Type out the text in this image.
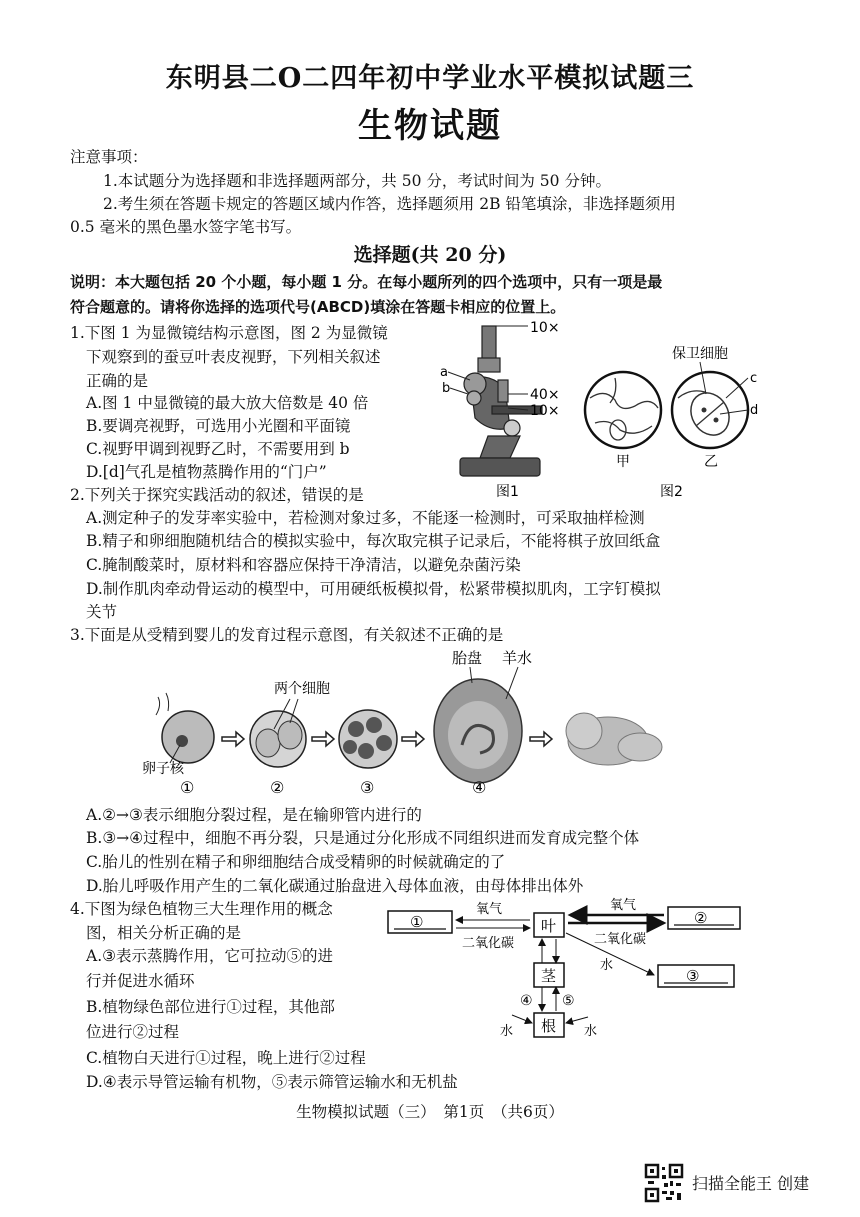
东明县二O二四年初中学业水平模拟试题三
生物试题
注意事项：
1.本试题分为选择题和非选择题两部分，共 50 分，考试时间为 50 分钟。
2.考生须在答题卡规定的答题区域内作答，选择题须用 2B 铅笔填涂，非选择题须用
0.5 毫米的黑色墨水签字笔书写。
选择题(共 20 分)
说明：本大题包括 20 个小题，每小题 1 分。在每小题所列的四个选项中，只有一项是最
符合题意的。请将你选择的选项代号(ABCD)填涂在答题卡相应的位置上。
1.下图 1 为显微镜结构示意图，图 2 为显微镜
下观察到的蚕豆叶表皮视野，下列相关叙述
正确的是
A.图 1 中显微镜的最大放大倍数是 40 倍
B.要调亮视野，可选用小光圈和平面镜
C.视野甲调到视野乙时，不需要用到 b
D.[d]气孔是植物蒸腾作用的“门户”
10×
a
b	40×
10×
图1
甲
保卫细胞
c
d
乙
图2
2.下列关于探究实践活动的叙述，错误的是
A.测定种子的发芽率实验中，若检测对象过多，不能逐一检测时，可采取抽样检测
B.精子和卵细胞随机结合的模拟实验中，每次取完棋子记录后，不能将棋子放回纸盒
C.腌制酸菜时，原材料和容器应保持干净清洁，以避免杂菌污染
D.制作肌肉牵动骨运动的模型中，可用硬纸板模拟骨，松紧带模拟肌肉，工字钉模拟
关节
3.下面是从受精到婴儿的发育过程示意图，有关叙述不正确的是
胎盘 羊水
两个细胞
卵子核
①	②	③	④
A.②→③表示细胞分裂过程，是在输卵管内进行的
B.③→④过程中，细胞不再分裂，只是通过分化形成不同组织进而发育成完整个体
C.胎儿的性别在精子和卵细胞结合成受精卵的时候就确定的了
D.胎儿呼吸作用产生的二氧化碳通过胎盘进入母体血液，由母体排出体外
4.下图为绿色植物三大生理作用的概念
图，相关分析正确的是
A.③表示蒸腾作用，它可拉动⑤的进
行并促进水循环
B.植物绿色部位进行①过程，其他部
位进行②过程
C.植物白天进行①过程，晚上进行②过程
D.④表示导管运输有机物，⑤表示筛管运输水和无机盐
①	②
③
叶
茎
根
氧气
二氧化碳
氧气
二氧化碳
水
④ ⑤
水	水
生物模拟试题（三）　第1页　（共6页）
扫描全能王 创建
